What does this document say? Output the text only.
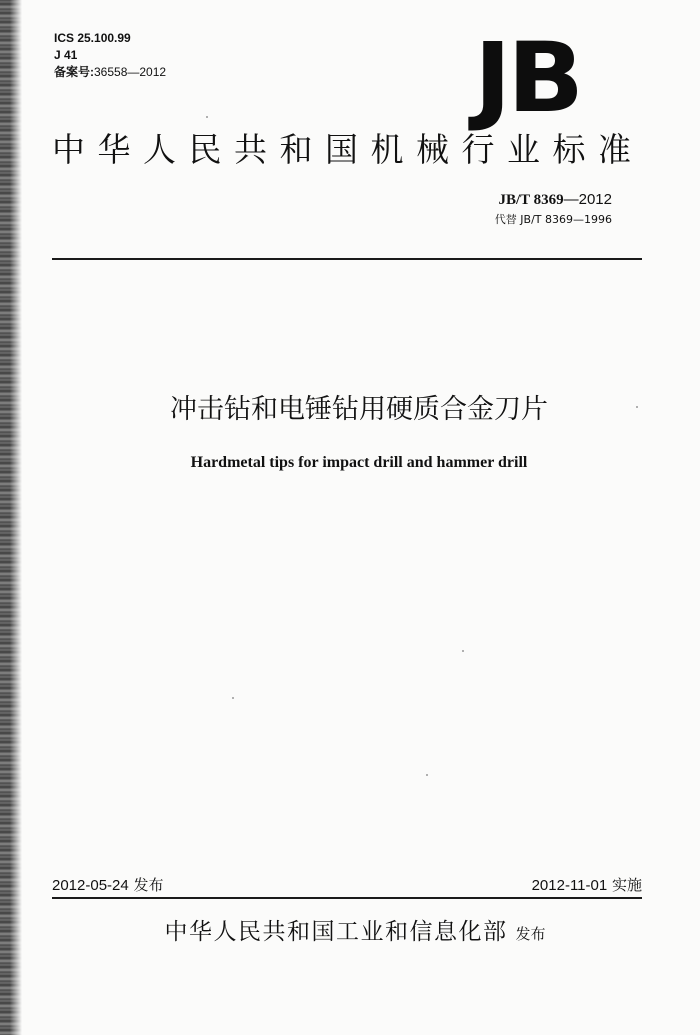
ICS 25.100.99
J 41
备案号:36558—2012	JB
中华人民共和国机械行业标准
JB/T 8369—2012
代替 JB/T 8369—1996
冲击钻和电锤钻用硬质合金刀片
Hardmetal tips for impact drill and hammer drill
2012-05-24 发布	2012-11-01 实施
中华人民共和国工业和信息化部 发布
